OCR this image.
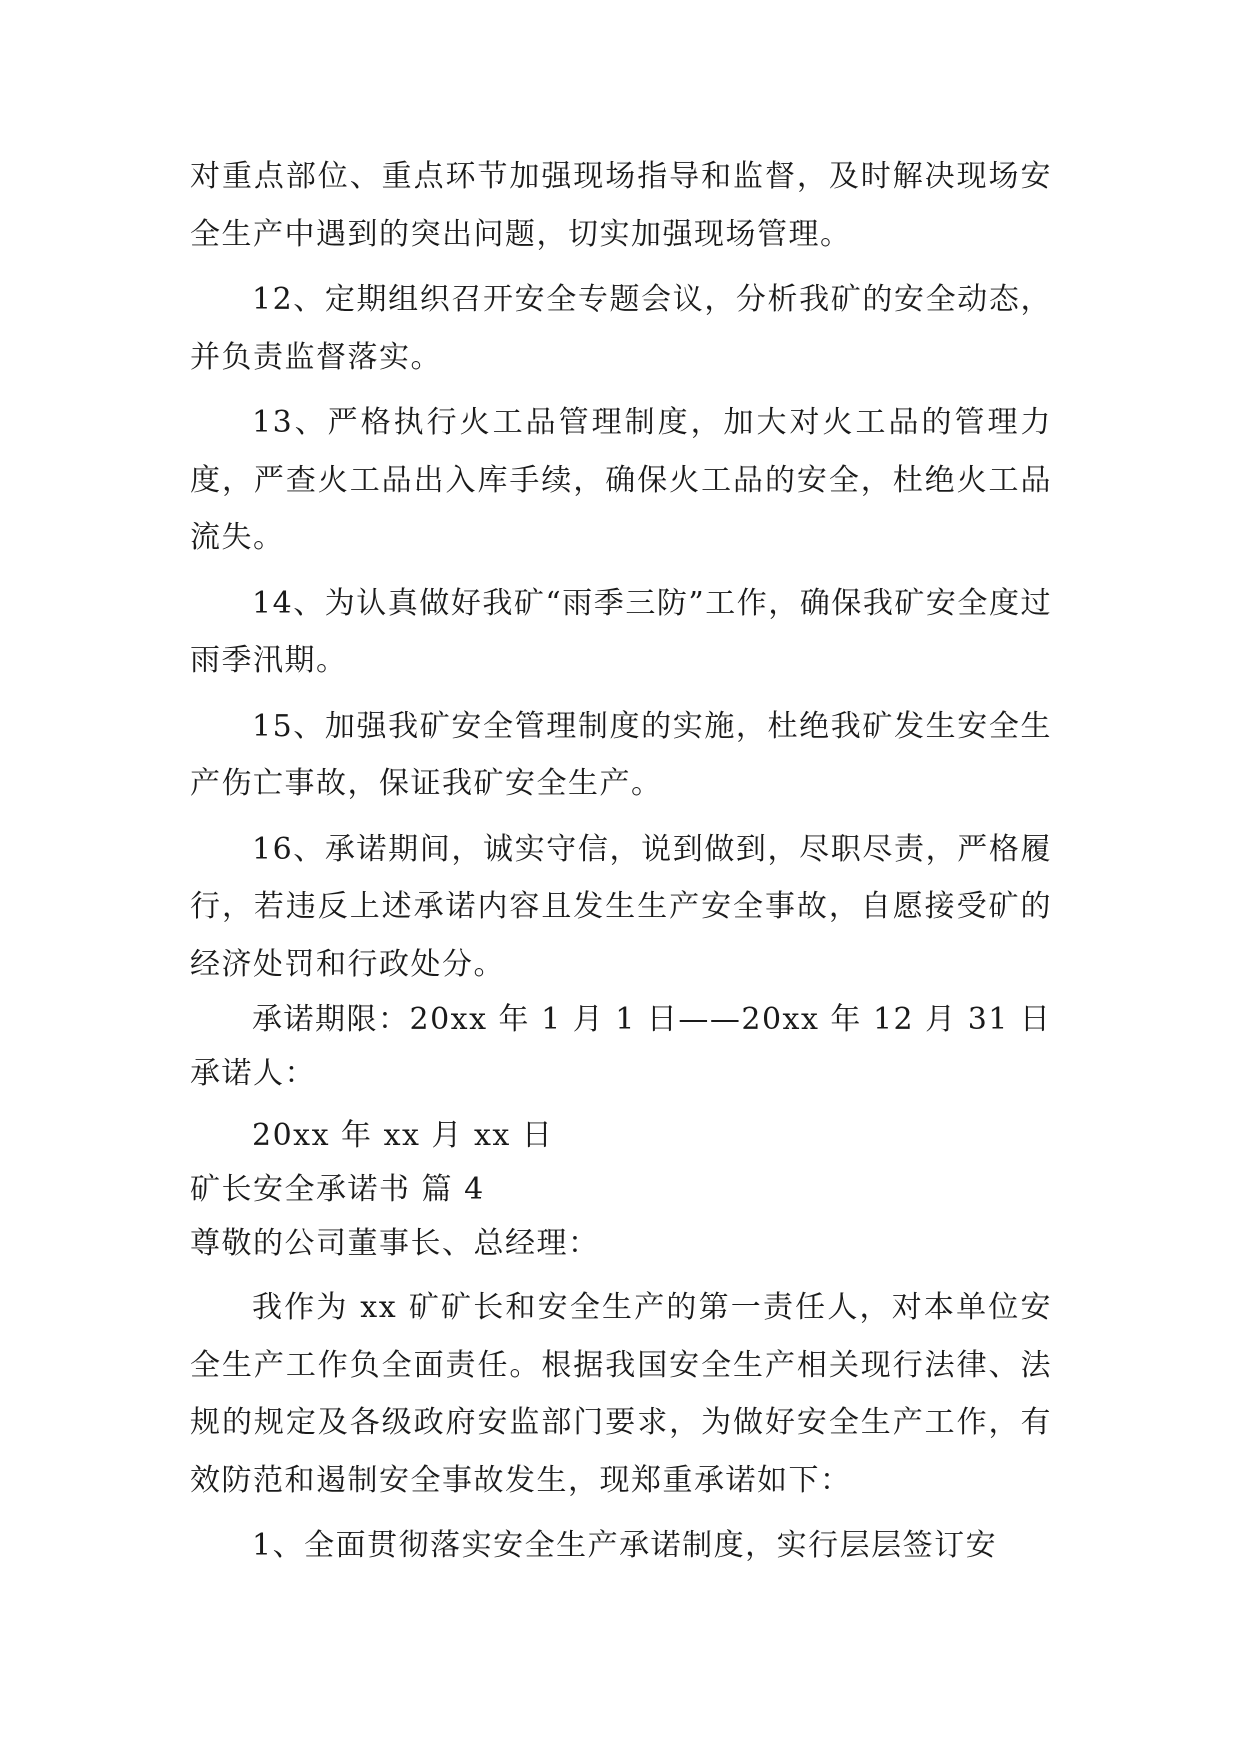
对重点部位、重点环节加强现场指导和监督，及时解决现场安全生产中遇到的突出问题，切实加强现场管理。

12、定期组织召开安全专题会议，分析我矿的安全动态，并负责监督落实。

13、严格执行火工品管理制度，加大对火工品的管理力度，严查火工品出入库手续，确保火工品的安全，杜绝火工品流失。

14、为认真做好我矿“雨季三防”工作，确保我矿安全度过雨季汛期。

15、加强我矿安全管理制度的实施，杜绝我矿发生安全生产伤亡事故，保证我矿安全生产。

16、承诺期间，诚实守信，说到做到，尽职尽责，严格履行，若违反上述承诺内容且发生生产安全事故，自愿接受矿的经济处罚和行政处分。

承诺期限：20xx 年 1 月 1 日——20xx 年 12 月 31 日

承诺人：

20xx 年 xx 月 xx 日

矿长安全承诺书 篇 4

尊敬的公司董事长、总经理：

我作为 xx 矿矿长和安全生产的第一责任人，对本单位安全生产工作负全面责任。根据我国安全生产相关现行法律、法规的规定及各级政府安监部门要求，为做好安全生产工作，有效防范和遏制安全事故发生，现郑重承诺如下：

1、全面贯彻落实安全生产承诺制度，实行层层签订安
